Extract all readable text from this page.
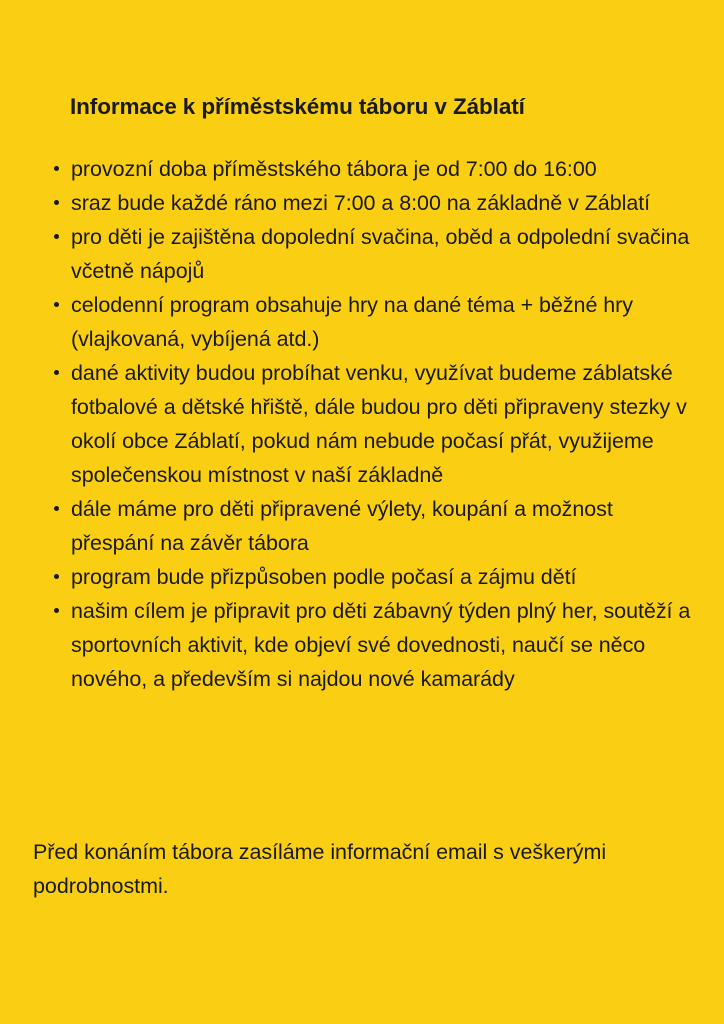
Informace k příměstskému táboru v Záblatí
provozní doba příměstského tábora je od 7:00 do 16:00
sraz bude každé ráno mezi 7:00 a 8:00 na základně v Záblatí
pro děti je zajištěna dopolední svačina, oběd a odpolední svačina včetně nápojů
celodenní program obsahuje hry na dané téma + běžné hry (vlajkovaná, vybíjená atd.)
dané aktivity budou probíhat venku, využívat budeme záblatské fotbalové a dětské hřiště, dále budou pro děti připraveny stezky v okolí obce Záblatí, pokud nám nebude počasí přát, využijeme společenskou místnost v naší základně
dále máme pro děti připravené výlety, koupání a možnost přespání na závěr tábora
program bude přizpůsoben podle počasí a zájmu dětí
našim cílem je připravit pro děti zábavný týden plný her, soutěží a sportovních aktivit, kde objeví své dovednosti, naučí se něco nového, a především si najdou nové kamarády

Před konáním tábora zasíláme informační email s veškerými podrobnostmi.
